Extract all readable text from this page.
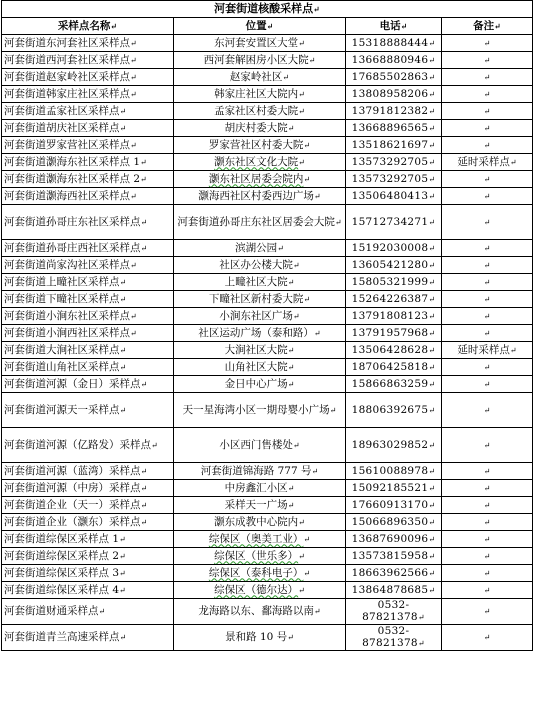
河套街道核酸采样点↵			
采样点名称↵	位置↵	电话↵	备注↵
河套街道东河套社区采样点↵	东河套安置区大堂↵	15318888444↵	↵
河套街道西河套社区采样点↵	西河套解困房小区大院↵	13668880946↵	↵
河套街道赵家岭社区采样点↵	赵家岭社区↵	17685502863↵	↵
河套街道韩家庄社区采样点↵	韩家庄社区大院内↵	13808958206↵	↵
河套街道孟家社区采样点↵	孟家社区村委大院↵	13791812382↵	↵
河套街道胡庆社区采样点↵	胡庆村委大院↵	13668896565↵	↵
河套街道罗家营社区采样点↵	罗家营社区村委大院↵	13518621697↵	↵
河套街道灏海东社区采样点 1↵	灏东社区文化大院↵	13573292705↵	延时采样点↵
河套街道灏海东社区采样点 2↵	灏东社区居委会院内↵	13573292705↵	↵
河套街道灏海西社区采样点↵	灏海西社区村委西边广场↵	13506480413↵	↵
河套街道孙哥庄东社区采样点↵	河套街道孙哥庄东社区居委会大院↵	15712734271↵	↵
河套街道孙哥庄西社区采样点↵	滨湖公园↵	15192030008↵	↵
河套街道尚家沟社区采样点↵	社区办公楼大院↵	13605421280↵	↵
河套街道上疃社区采样点↵	上疃社区大院↵	15805321999↵	↵
河套街道下疃社区采样点↵	下疃社区新村委大院↵	15264226387↵	↵
河套街道小涧东社区采样点↵	小涧东社区广场↵	13791808123↵	↵
河套街道小涧西社区采样点↵	社区运动广场（泰和路）↵	13791957968↵	↵
河套街道大涧社区采样点↵	大涧社区大院↵	13506428628↵	延时采样点↵
河套街道山角社区采样点↵	山角社区大院↵	18706425818↵	↵
河套街道河源（金日）采样点↵	金日中心广场↵	15866863259↵	↵
河套街道河源天一采样点↵	天一星海湾小区一期母婴小广场↵	18806392675↵	↵
河套街道河源（亿路发）采样点↵	小区西门售楼处↵	18963029852↵	↵
河套街道河源（蓝湾）采样点↵	河套街道锦海路 777 号↵	15610088978↵	↵
河套街道河源（中房）采样点↵	中房鑫汇小区↵	15092185521↵	↵
河套街道企业（天一）采样点↵	采样天一广场↵	17660913170↵	↵
河套街道企业（灏东）采样点↵	灏东成教中心院内↵	15066896350↵	↵
河套街道综保区采样点 1↵	综保区（奥美工业）↵	13687690096↵	↵
河套街道综保区采样点 2↵	综保区（世乐多）↵	13573815958↵	↵
河套街道综保区采样点 3↵	综保区（泰科电子）↵	18663962566↵	↵
河套街道综保区采样点 4↵	综保区（德尔达）↵	13864878685↵	↵
河套街道财通采样点↵	龙海路以东、鄱海路以南↵	0532-87821378↵	↵
河套街道青兰高速采样点↵	景和路 10 号↵	0532-87821378↵	↵
